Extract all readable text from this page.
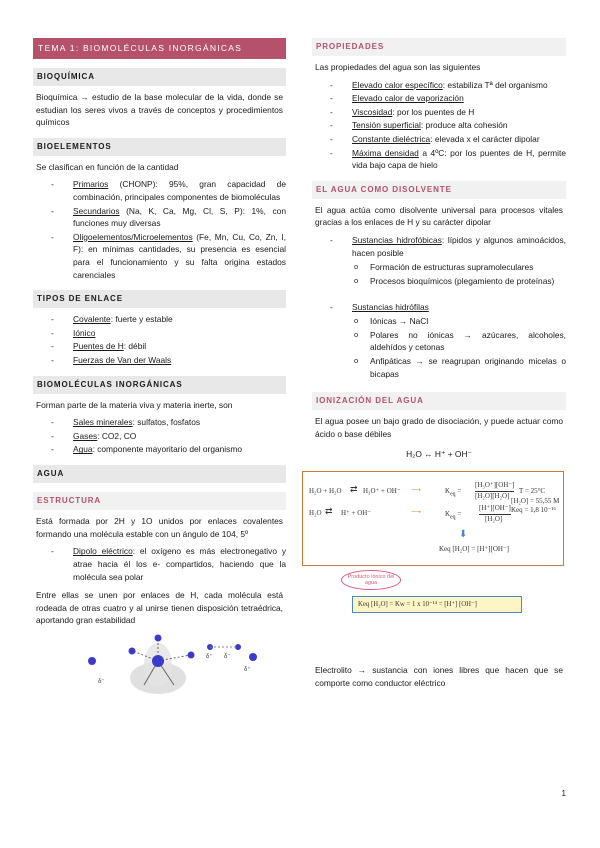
TEMA 1: BIOMOLÉCULAS INORGÁNICAS
BIOQUÍMICA
Bioquímica → estudio de la base molecular de la vida, donde se estudian los seres vivos a través de conceptos y procedimientos químicos
BIOELEMENTOS
Se clasifican en función de la cantidad
- Primarios (CHONP): 95%, gran capacidad de combinación, principales componentes de biomoléculas
- Secundarios (Na, K, Ca, Mg, Cl, S, P): 1%, con funciones muy diversas
- Oligoelementos/Microelementos (Fe, Mn, Cu, Co, Zn, I, F): en mínimas cantidades, su presencia es esencial para el funcionamiento y su falta origina estados carenciales
TIPOS DE ENLACE
- Covalente: fuerte y estable
- Iónico
- Puentes de H: débil
- Fuerzas de Van der Waals
BIOMOLÉCULAS INORGÁNICAS
Forman parte de la materia viva y materia inerte, son
- Sales minerales: sulfatos, fosfatos
- Gases: CO2, CO
- Agua: componente mayoritario del organismo
AGUA
ESTRUCTURA
Está formada por 2H y 1O unidos por enlaces covalentes formando una molécula estable con un ángulo de 104, 5º
- Dipolo eléctrico: el oxígeno es más electronegativo y atrae hacia él los e- compartidos, haciendo que la molécula sea polar
Entre ellas se unen por enlaces de H, cada molécula está rodeada de otras cuatro y al unirse tienen disposición tetraédrica, aportando gran estabilidad
δ⁻
δ⁺ δ⁻
δ⁺
PROPIEDADES
Las propiedades del agua son las siguientes
- Elevado calor específico: estabiliza Tª del organismo
- Elevado calor de vaporización
- Viscosidad: por los puentes de H
- Tensión superficial: produce alta cohesión
- Constante dieléctrica: elevada x el carácter dipolar
- Máxima densidad a 4ºC: por los puentes de H, permite vida bajo capa de hielo
EL AGUA COMO DISOLVENTE
El agua actúa como disolvente universal para procesos vitales gracias a los enlaces de H y su carácter dipolar
- Sustancias hidrofóbicas: lípidos y algunos aminoácidos, hacen posible
o Formación de estructuras supramoleculares
o Procesos bioquímicos (plegamiento de proteínas)
- Sustancias hidrófilas
o Iónicas → NaCl
o Polares no iónicas → azúcares, alcoholes, aldehídos y cetonas
o Anfipáticas → se reagrupan originando micelas o bicapas
IONIZACIÓN DEL AGUA
El agua posee un bajo grado de disociación, y puede actuar como ácido o base débiles
H₂O ↔ H⁺ + OH⁻
H₂O + H₂O ⇄ H₃O⁺ + OH⁻ ⟶
H₂O ⇄ H⁺ + OH⁻	⟶
$K_{eq}$ =
[H₃O⁺][OH⁻]
[H₂O][H₂O]
$K_{eq}$ =
[H⁺][OH⁻]
[H₂O]
T = 25°C
[H₂O] = 55,55 M
Keq = 1,8 10⁻¹⁶
⬇
Keq [H₂O] = [H⁺][OH⁻]
Producto iónico del agua
Keq [H₂O] = Kw = 1 x 10⁻¹⁴ = [H⁺] [OH⁻]
Electrolito → sustancia con iones libres que hacen que se comporte como conductor eléctrico
1
